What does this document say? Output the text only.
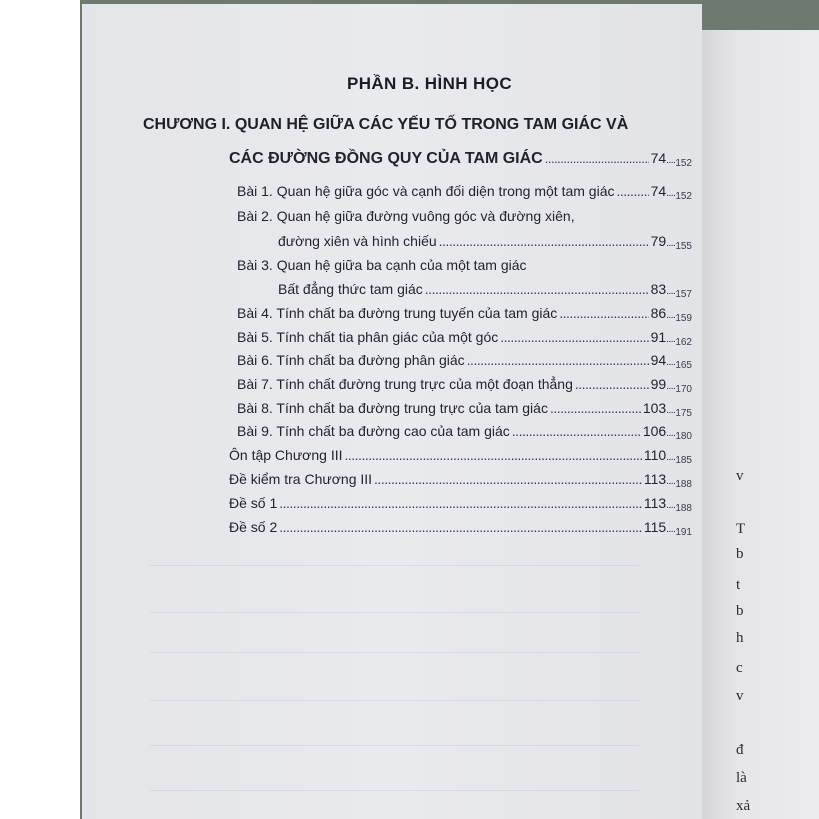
PHẦN B. HÌNH HỌC
CHƯƠNG I. QUAN HỆ GIỮA CÁC YẾU TỐ TRONG TAM GIÁC VÀ
CÁC ĐƯỜNG ĐỒNG QUY CỦA TAM GIÁC .....	74 .... 152
Bài 1. Quan hệ giữa góc và cạnh đối diện trong một tam giác .....	74 .... 152
Bài 2. Quan hệ giữa đường vuông góc và đường xiên,
đường xiên và hình chiếu .....	79 .... 155
Bài 3. Quan hệ giữa ba cạnh của một tam giác
Bất đẳng thức tam giác .....	83 .... 157
Bài 4. Tính chất ba đường trung tuyến của tam giác .....	86 .... 159
Bài 5. Tính chất tia phân giác của một góc .....	91 .... 162
Bài 6. Tính chất ba đường phân giác .....	94 .... 165
Bài 7. Tính chất đường trung trực của một đoạn thẳng .....	99 .... 170
Bài 8. Tính chất ba đường trung trực của tam giác .....	103 .... 175
Bài 9. Tính chất ba đường cao của tam giác .....	106 .... 180
Ôn tập Chương III .....	110 .... 185
Đề kiểm tra Chương III .....	113 .... 188
Đề số 1 .....	113 .... 188
Đề số 2 .....	115 .... 191
v
T
b
t
b
h
c
v
đ
là
xả
